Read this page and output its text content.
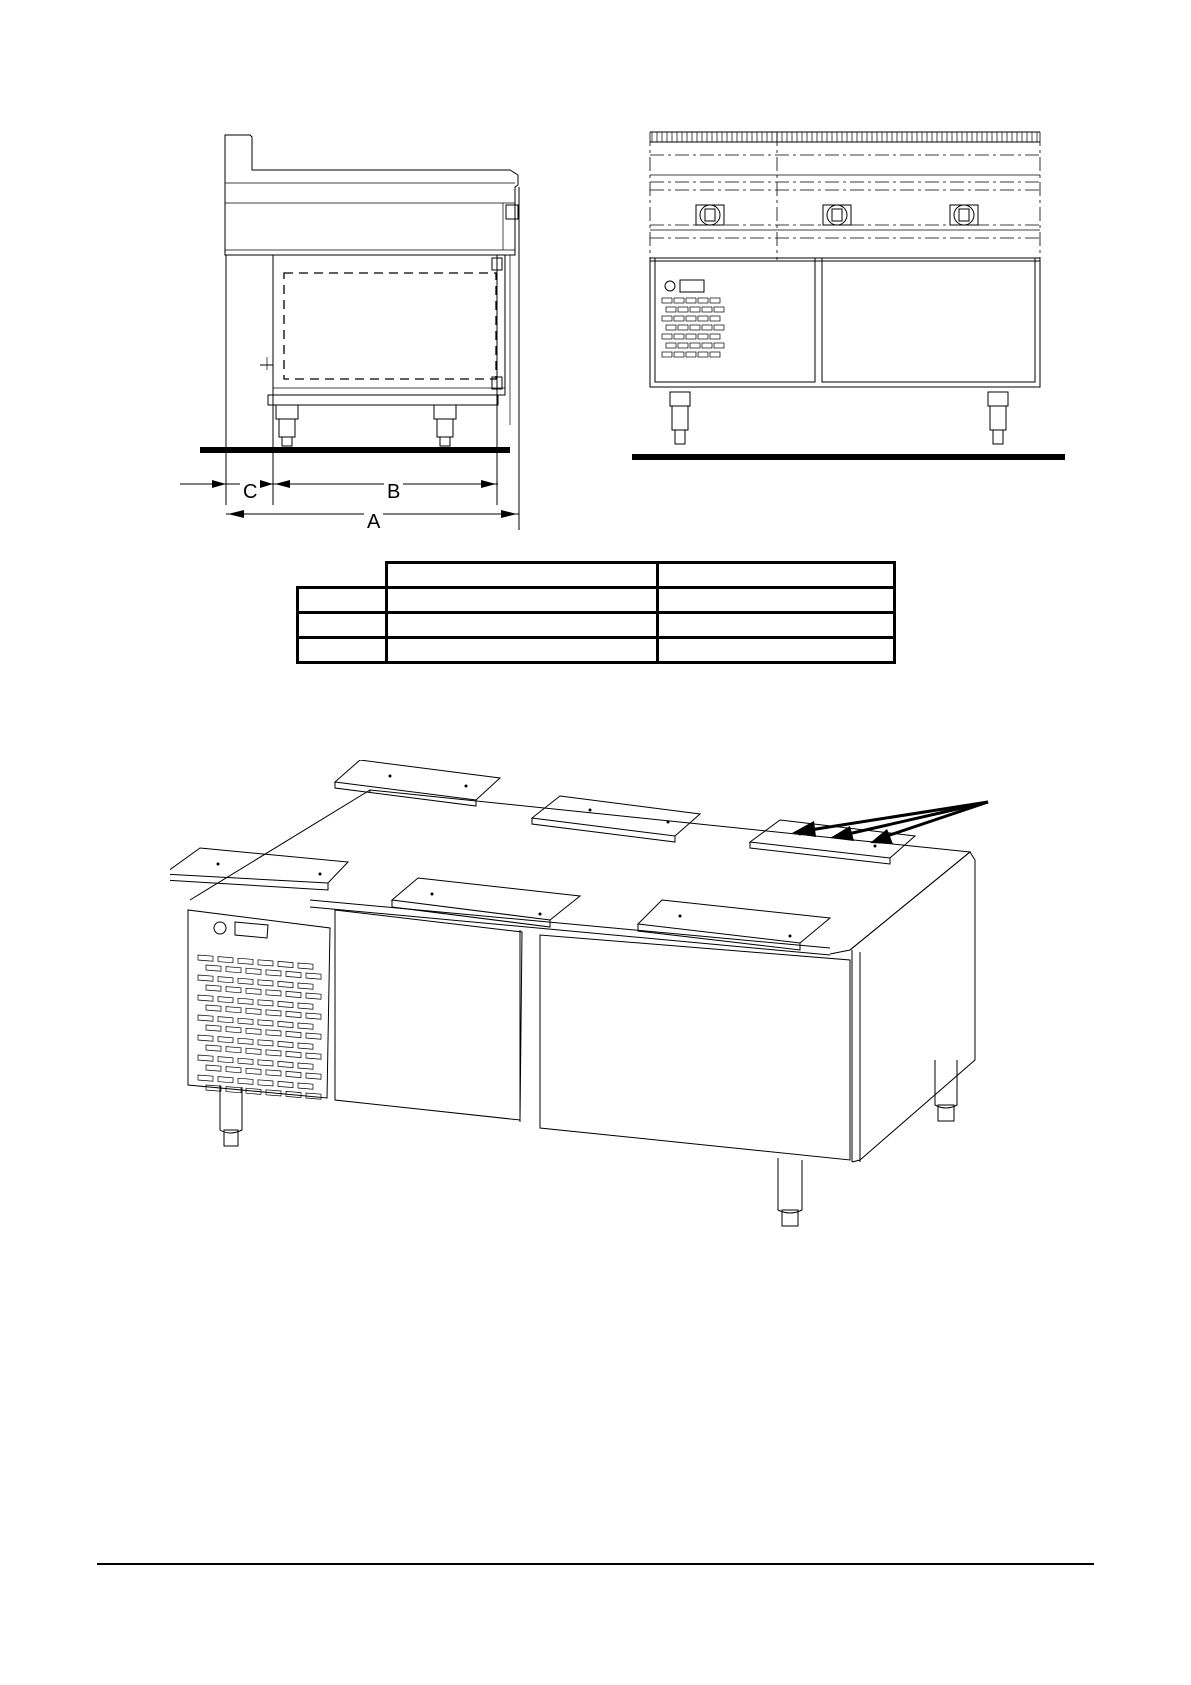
C	B
A
